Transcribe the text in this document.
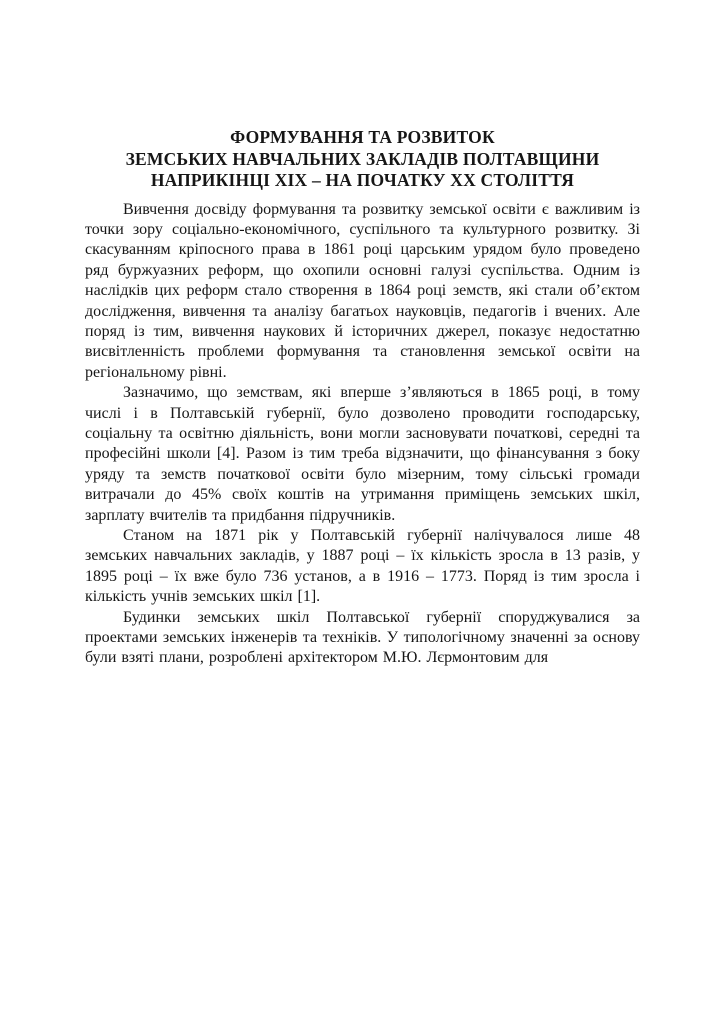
ФОРМУВАННЯ ТА РОЗВИТОК
ЗЕМСЬКИХ НАВЧАЛЬНИХ ЗАКЛАДІВ ПОЛТАВЩИНИ
НАПРИКІНЦІ XIX – НА ПОЧАТКУ XX СТОЛІТТЯ

Вивчення досвіду формування та розвитку земської освіти є важливим із точки зору соціально-економічного, суспільного та культурного розвитку. Зі скасуванням кріпосного права в 1861 році царським урядом було проведено ряд буржуазних реформ, що охопили основні галузі суспільства. Одним із наслідків цих реформ стало створення в 1864 році земств, які стали об’єктом дослідження, вивчення та аналізу багатьох науковців, педагогів і вчених. Але поряд із тим, вивчення наукових й історичних джерел, показує недостатню висвітленність проблеми формування та становлення земської освіти на регіональному рівні.

Зазначимо, що земствам, які вперше з’являються в 1865 році, в тому числі і в Полтавській губернії, було дозволено проводити господарську, соціальну та освітню діяльність, вони могли засновувати початкові, середні та професійні школи [4]. Разом із тим треба відзначити, що фінансування з боку уряду та земств початкової освіти було мізерним, тому сільські громади витрачали до 45% своїх коштів на утримання приміщень земських шкіл, зарплату вчителів та придбання підручників.

Станом на 1871 рік у Полтавській губернії налічувалося лише 48 земських навчальних закладів, у 1887 році – їх кількість зросла в 13 разів, у 1895 році – їх вже було 736 установ, а в 1916 – 1773. Поряд із тим зросла і кількість учнів земських шкіл [1].

Будинки земських шкіл Полтавської губернії споруджувалися за проектами земських інженерів та техніків. У типологічному значенні за основу були взяті плани, розроблені архітектором М.Ю. Лєрмонтовим для
